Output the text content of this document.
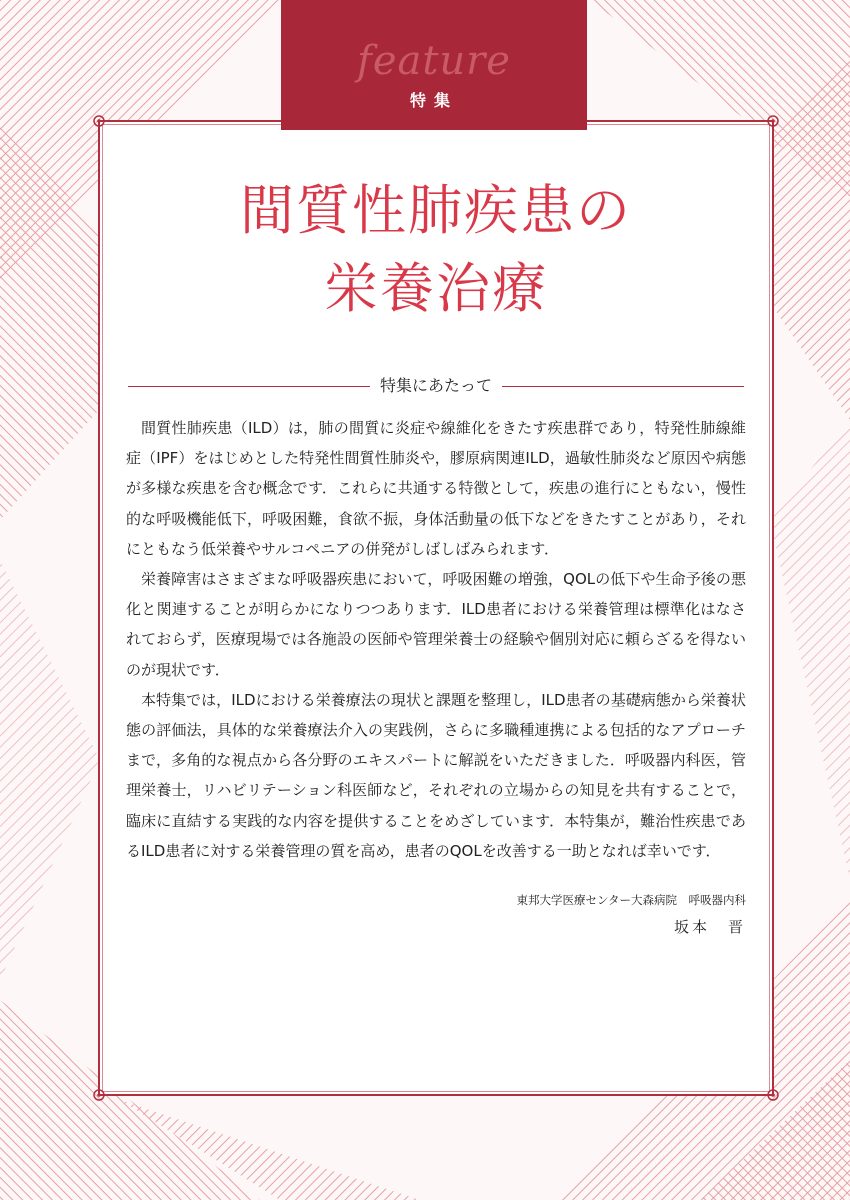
feature
特集
間質性肺疾患の
栄養治療
特集にあたって

間質性肺疾患（ILD）は，肺の間質に炎症や線維化をきたす疾患群であり，特発性肺線維症（IPF）をはじめとした特発性間質性肺炎や，膠原病関連ILD，過敏性肺炎など原因や病態が多様な疾患を含む概念です．これらに共通する特徴として，疾患の進行にともない，慢性的な呼吸機能低下，呼吸困難，食欲不振，身体活動量の低下などをきたすことがあり，それにともなう低栄養やサルコペニアの併発がしばしばみられます．

栄養障害はさまざまな呼吸器疾患において，呼吸困難の増強，QOLの低下や生命予後の悪化と関連することが明らかになりつつあります．ILD患者における栄養管理は標準化はなされておらず，医療現場では各施設の医師や管理栄養士の経験や個別対応に頼らざるを得ないのが現状です．

本特集では，ILDにおける栄養療法の現状と課題を整理し，ILD患者の基礎病態から栄養状態の評価法，具体的な栄養療法介入の実践例，さらに多職種連携による包括的なアプローチまで，多角的な視点から各分野のエキスパートに解説をいただきました．呼吸器内科医，管理栄養士，リハビリテーション科医師など，それぞれの立場からの知見を共有することで，臨床に直結する実践的な内容を提供することをめざしています．本特集が，難治性疾患であるILD患者に対する栄養管理の質を高め，患者のQOLを改善する一助となれば幸いです．

東邦大学医療センター大森病院　呼吸器内科
坂本　晋
